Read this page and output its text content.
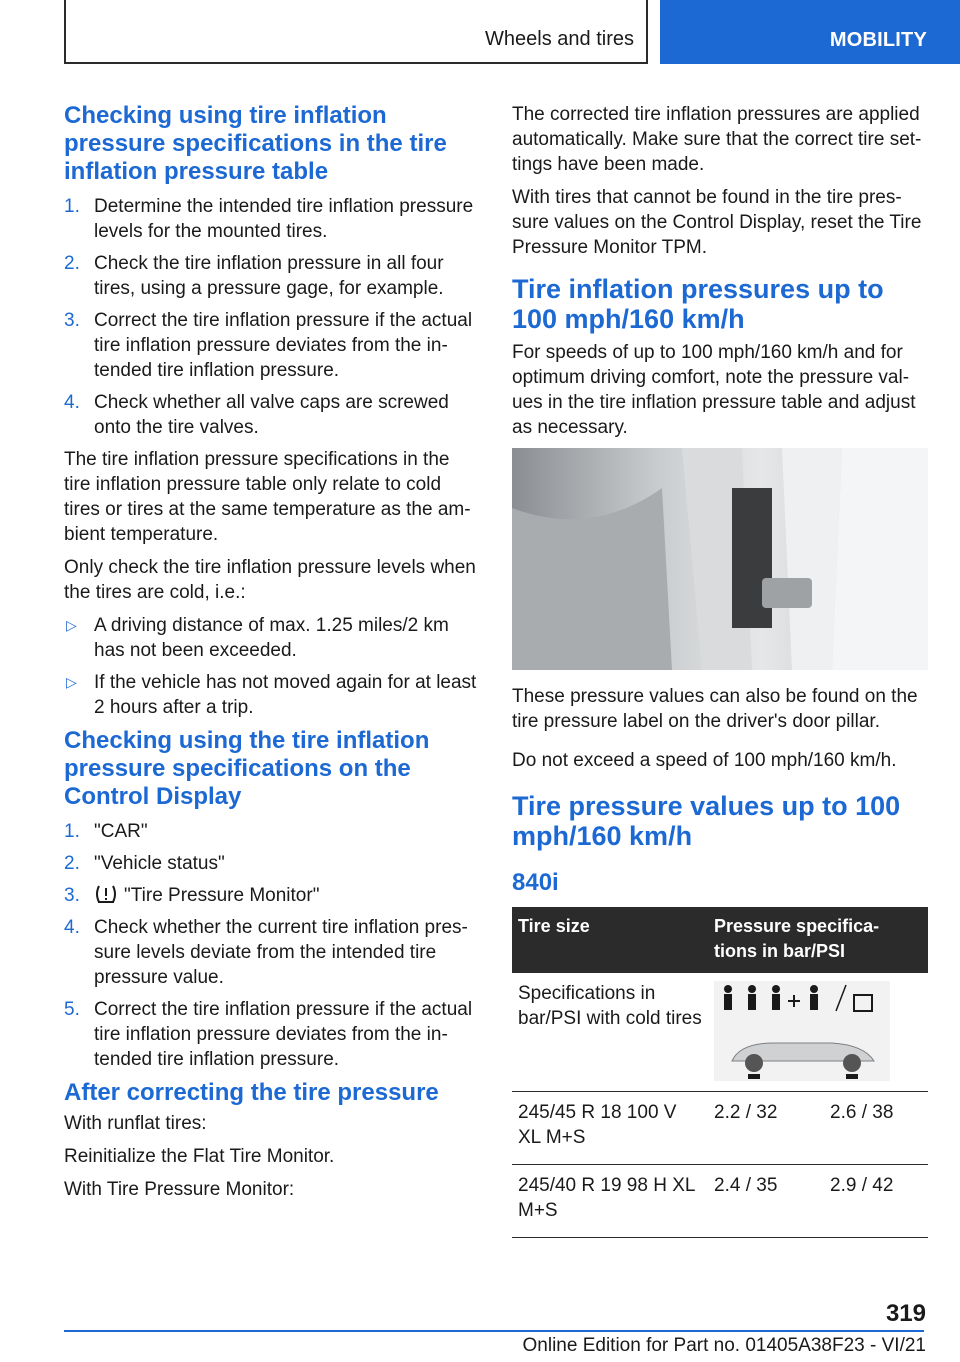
Wheels and tires	MOBILITY
Checking using tire inflation pressure specifications in the tire inflation pressure table
1. Determine the intended tire inflation pressure levels for the mounted tires.
2. Check the tire inflation pressure in all four tires, using a pressure gage, for example.
3. Correct the tire inflation pressure if the actual tire inflation pressure deviates from the in‐tended tire inflation pressure.
4. Check whether all valve caps are screwed onto the tire valves.

The tire inflation pressure specifications in the tire inflation pressure table only relate to cold tires or tires at the same temperature as the am‐bient temperature.

Only check the tire inflation pressure levels when the tires are cold, i.e.:

▷ A driving distance of max. 1.25 miles/2 km has not been exceeded.
▷ If the vehicle has not moved again for at least 2 hours after a trip.
Checking using the tire inflation pressure specifications on the Control Display
1. "CAR"
2. "Vehicle status"
3. "Tire Pressure Monitor"
4. Check whether the current tire inflation pres‐sure levels deviate from the intended tire pressure value.
5. Correct the tire inflation pressure if the actual tire inflation pressure deviates from the in‐tended tire inflation pressure.
After correcting the tire pressure

With runflat tires:

Reinitialize the Flat Tire Monitor.

With Tire Pressure Monitor:

The corrected tire inflation pressures are applied automatically. Make sure that the correct tire set‐tings have been made.

With tires that cannot be found in the tire pres‐sure values on the Control Display, reset the Tire Pressure Monitor TPM.

Tire inflation pressures up to 100 mph/160 km/h

For speeds of up to 100 mph/160 km/h and for optimum driving comfort, note the pressure val‐ues in the tire inflation pressure table and adjust as necessary.

These pressure values can also be found on the tire pressure label on the driver's door pillar.

Do not exceed a speed of 100 mph/160 km/h.

Tire pressure values up to 100 mph/160 km/h
840i
Tire size	Pressure specifica‐tions in bar/PSI	
Specifications in bar/PSI with cold tires	

245/45 R 18 100 V XL M+S	2.2 / 32	2.6 / 38
245/40 R 19 98 H XL M+S	2.4 / 35	2.9 / 42
319
Online Edition for Part no. 01405A38F23 - VI/21
